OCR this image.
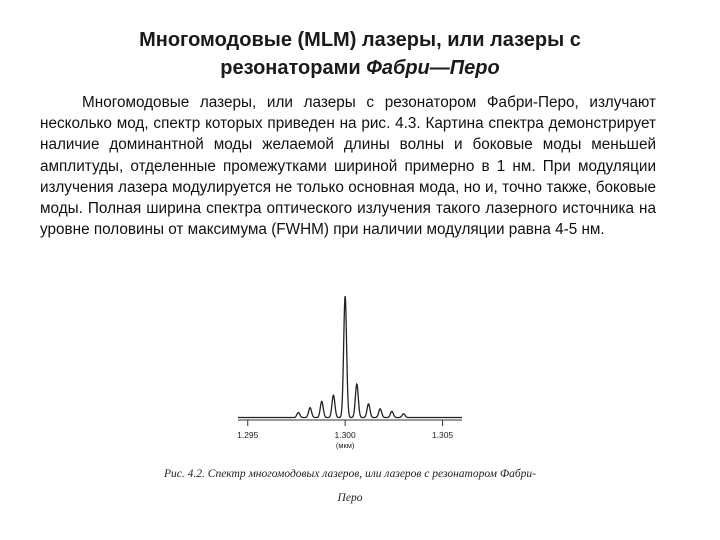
Многомодовые (MLM) лазеры, или лазеры с
резонаторами Фабри—Перо
Многомодовые лазеры, или лазеры с резонатором Фабри-Перо, излучают несколько мод, спектр которых приведен на рис. 4.3. Картина спектра демонстрирует наличие доминантной моды желаемой длины волны и боковые моды меньшей амплитуды, отделенные промежутками шириной примерно в 1 нм. При модуляции излучения лазера модулируется не только основная мода, но и, точно также, боковые моды. Полная ширина спектра оптического излучения такого лазерного источника на уровне половины от максимума (FWHM) при наличии модуляции равна 4-5 нм.
1.295	1.300	1.305
(мкм)
Рис. 4.2. Спектр многомодовых лазеров, или лазеров с резонатором Фабри-
Перо
